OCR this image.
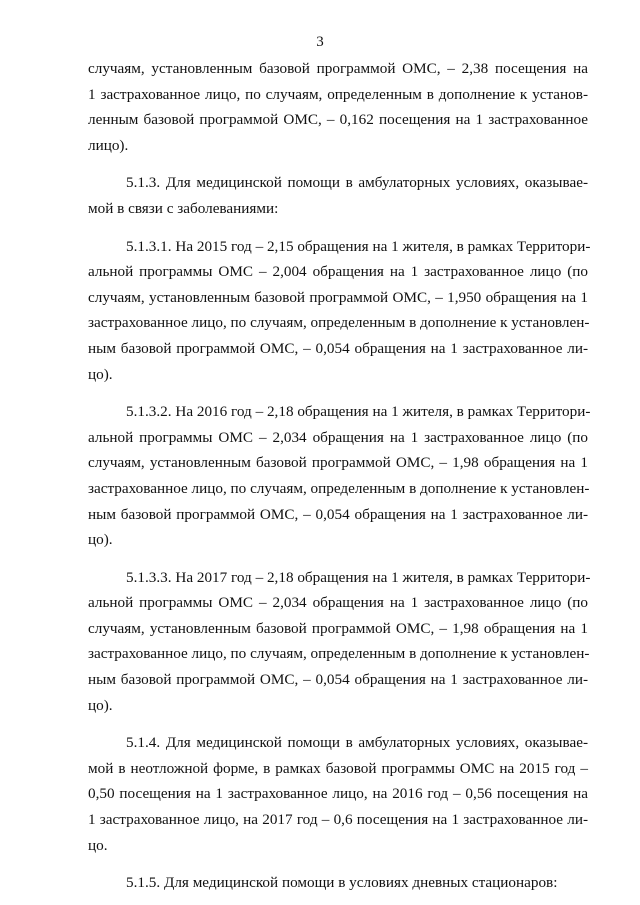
3
случаям, установленным базовой программой ОМС, – 2,38 посещения на
1 застрахованное лицо, по случаям, определенным в дополнение к установ-
ленным базовой программой ОМС, – 0,162 посещения на 1 застрахованное
лицо).
5.1.3. Для медицинской помощи в амбулаторных условиях, оказывае-
мой в связи с заболеваниями:
5.1.3.1. На 2015 год – 2,15 обращения на 1 жителя, в рамках Территори-
альной программы ОМС – 2,004 обращения на 1 застрахованное лицо (по
случаям, установленным базовой программой ОМС, – 1,950 обращения на 1
застрахованное лицо, по случаям, определенным в дополнение к установлен-
ным базовой программой ОМС, – 0,054 обращения на 1 застрахованное ли-
цо).
5.1.3.2. На 2016 год – 2,18 обращения на 1 жителя, в рамках Территори-
альной программы ОМС – 2,034 обращения на 1 застрахованное лицо (по
случаям, установленным базовой программой ОМС, – 1,98 обращения на 1
застрахованное лицо, по случаям, определенным в дополнение к установлен-
ным базовой программой ОМС, – 0,054 обращения на 1 застрахованное ли-
цо).
5.1.3.3. На 2017 год – 2,18 обращения на 1 жителя, в рамках Территори-
альной программы ОМС – 2,034 обращения на 1 застрахованное лицо (по
случаям, установленным базовой программой ОМС, – 1,98 обращения на 1
застрахованное лицо, по случаям, определенным в дополнение к установлен-
ным базовой программой ОМС, – 0,054 обращения на 1 застрахованное ли-
цо).
5.1.4. Для медицинской помощи в амбулаторных условиях, оказывае-
мой в неотложной форме, в рамках базовой программы ОМС на 2015 год –
0,50 посещения на 1 застрахованное лицо, на 2016 год – 0,56 посещения на
1 застрахованное лицо, на 2017 год – 0,6 посещения на 1 застрахованное ли-
цо.
5.1.5. Для медицинской помощи в условиях дневных стационаров:
